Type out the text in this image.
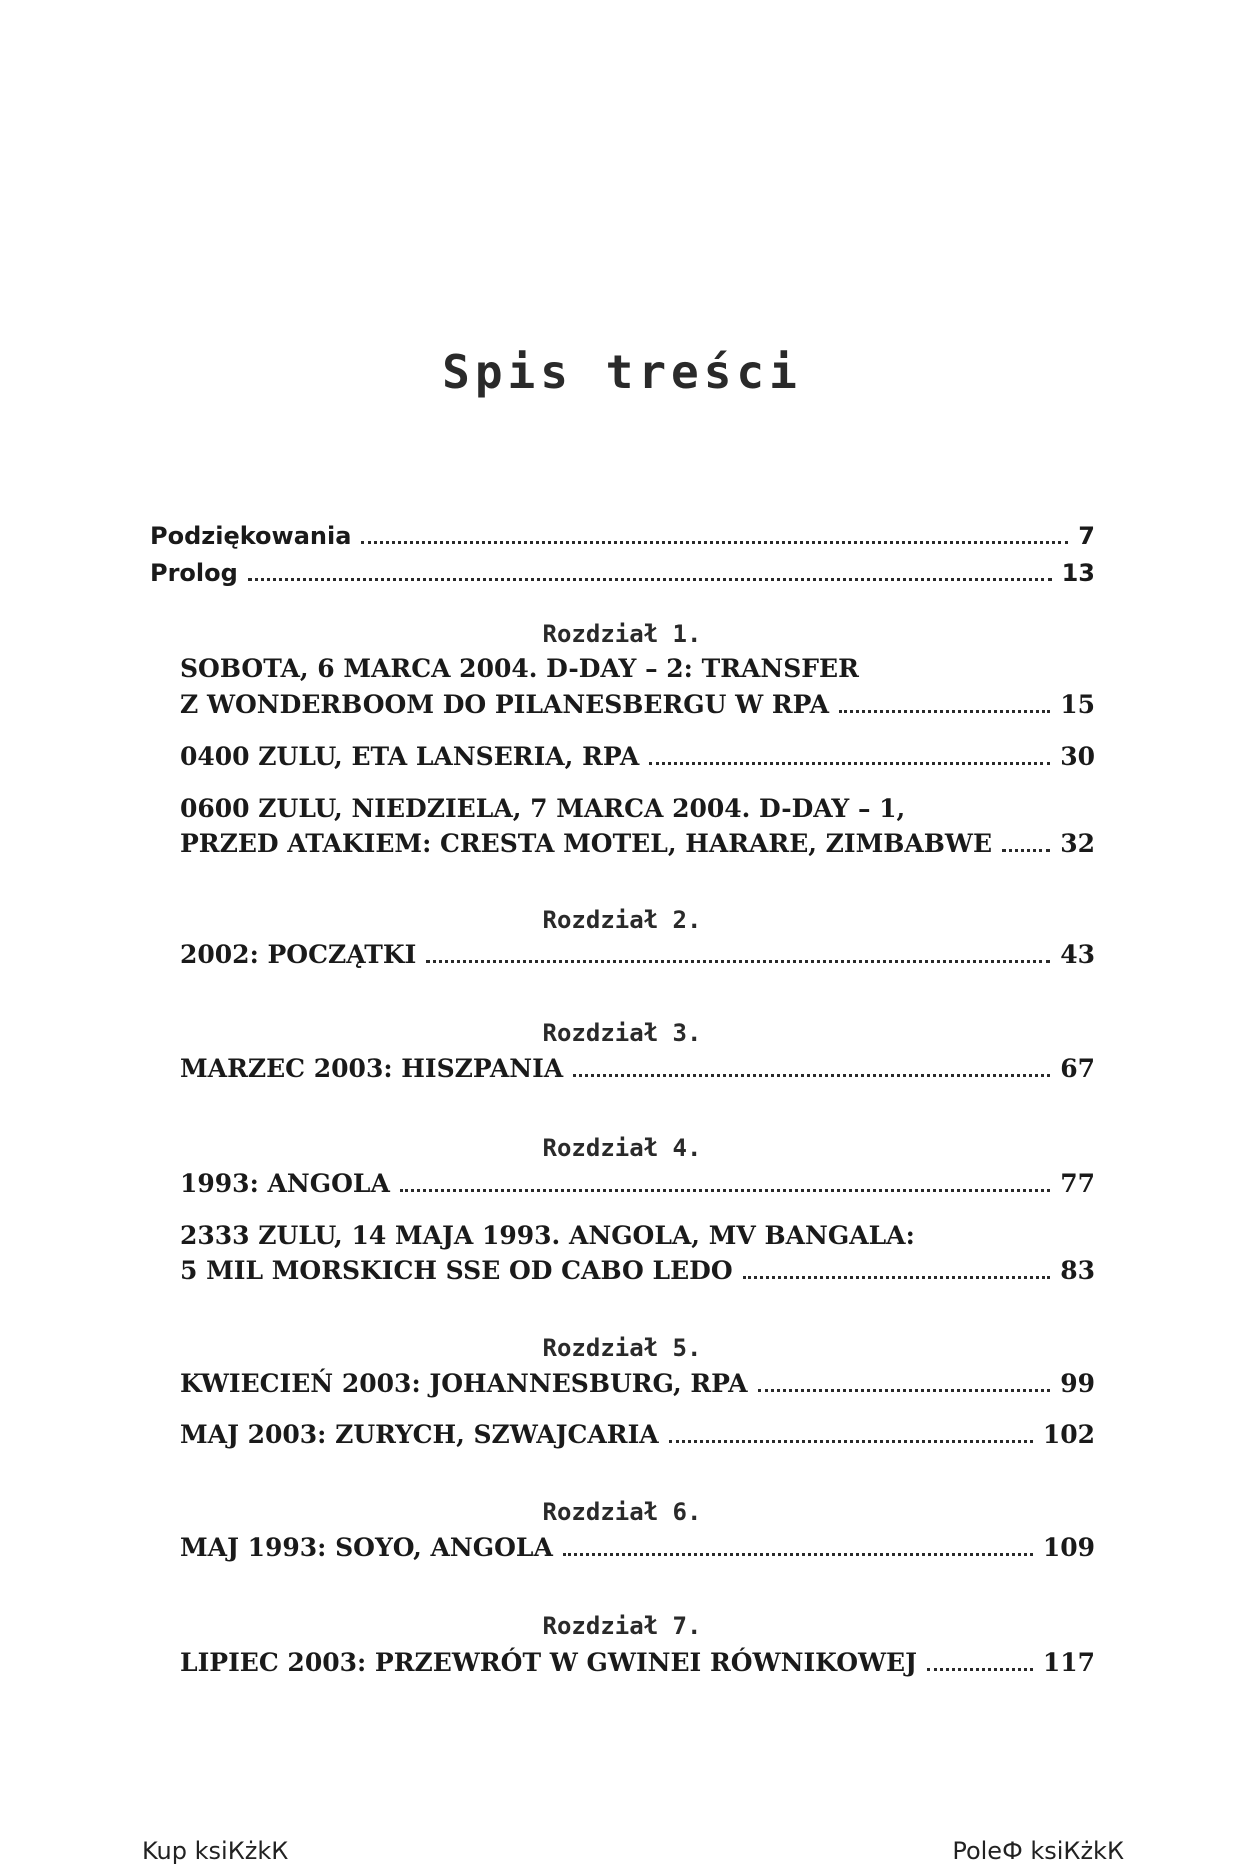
Spis treści
Podziękowania	7
Prolog	13
Rozdział 1.
SOBOTA, 6 MARCA 2004. D-DAY – 2: TRANSFER
Z WONDERBOOM DO PILANESBERGU W RPA	15
0400 ZULU, ETA LANSERIA, RPA	30
0600 ZULU, NIEDZIELA, 7 MARCA 2004. D-DAY – 1,
PRZED ATAKIEM: CRESTA MOTEL, HARARE, ZIMBABWE	32
Rozdział 2.
2002: POCZĄTKI	43
Rozdział 3.
MARZEC 2003: HISZPANIA	67
Rozdział 4.
1993: ANGOLA	77
2333 ZULU, 14 MAJA 1993. ANGOLA, MV BANGALA:
5 MIL MORSKICH SSE OD CABO LEDO	83
Rozdział 5.
KWIECIEŃ 2003: JOHANNESBURG, RPA	99
MAJ 2003: ZURYCH, SZWAJCARIA	102
Rozdział 6.
MAJ 1993: SOYO, ANGOLA	109
Rozdział 7.
LIPIEC 2003: PRZEWRÓT W GWINEI RÓWNIKOWEJ	117
Kup ksiКżkК	PoleФ ksiКżkК
